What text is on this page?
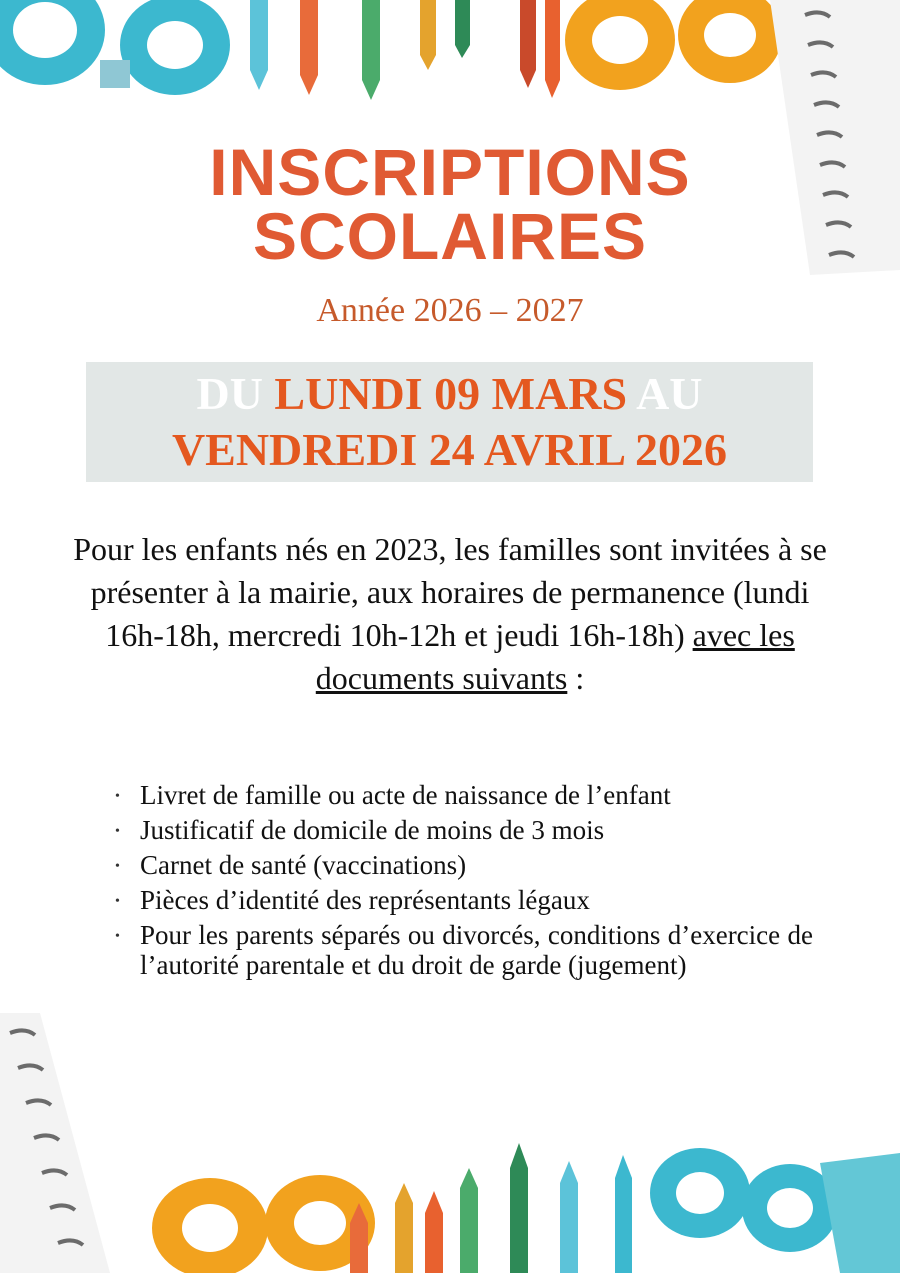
INSCRIPTIONS
SCOLAIRES
Année 2026 – 2027
DU LUNDI 09 MARS AU
VENDREDI 24 AVRIL 2026
Pour les enfants nés en 2023, les familles sont invitées à se présenter à la mairie, aux horaires de permanence (lundi 16h-18h, mercredi 10h-12h et jeudi 16h-18h) avec les documents suivants :
• Livret de famille ou acte de naissance de l’enfant
• Justificatif de domicile de moins de 3 mois
• Carnet de santé (vaccinations)
• Pièces d’identité des représentants légaux
• Pour les parents séparés ou divorcés, conditions d’exercice de l’autorité parentale et du droit de garde (jugement)
